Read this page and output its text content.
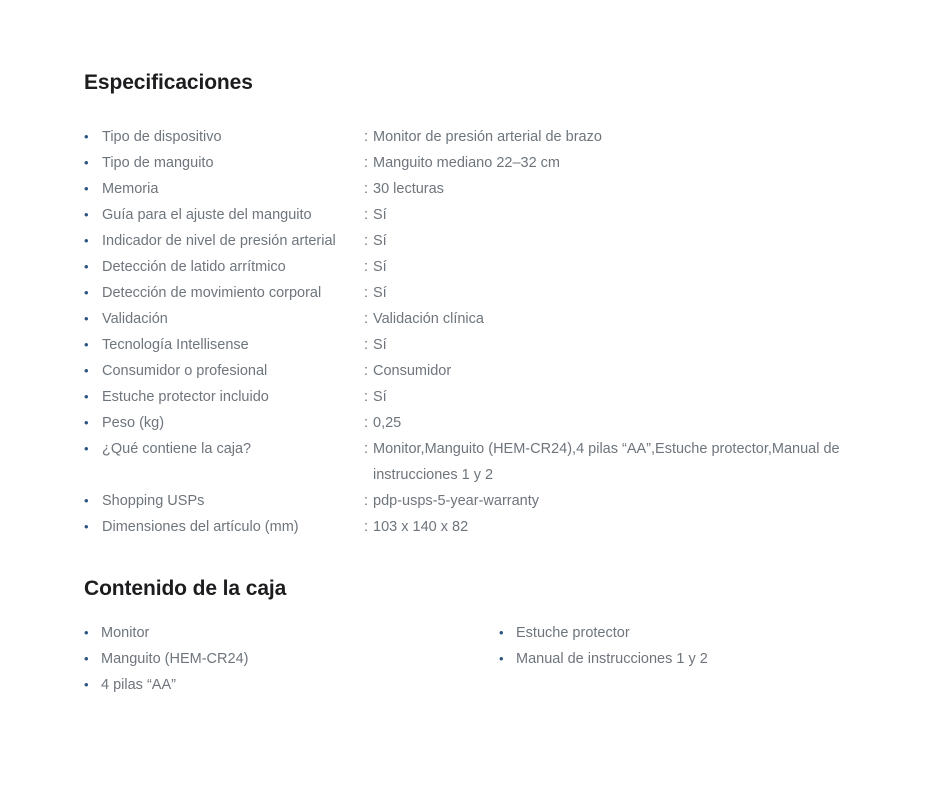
Especificaciones
• Tipo de dispositivo	: Monitor de presión arterial de brazo
• Tipo de manguito	: Manguito mediano 22–32 cm
• Memoria	: 30 lecturas
• Guía para el ajuste del manguito	: Sí
• Indicador de nivel de presión arterial	: Sí
• Detección de latido arrítmico	: Sí
• Detección de movimiento corporal	: Sí
• Validación	: Validación clínica
• Tecnología Intellisense	: Sí
• Consumidor o profesional	: Consumidor
• Estuche protector incluido	: Sí
• Peso (kg)	: 0,25
• ¿Qué contiene la caja?	: Monitor,Manguito (HEM-CR24),4 pilas “AA”,Estuche protector,Manual de instrucciones 1 y 2
• Shopping USPs	: pdp-usps-5-year-warranty
• Dimensiones del artículo (mm)	: 103 x 140 x 82
Contenido de la caja
• Monitor
• Manguito (HEM-CR24)
• 4 pilas “AA”
• Estuche protector
• Manual de instrucciones 1 y 2
